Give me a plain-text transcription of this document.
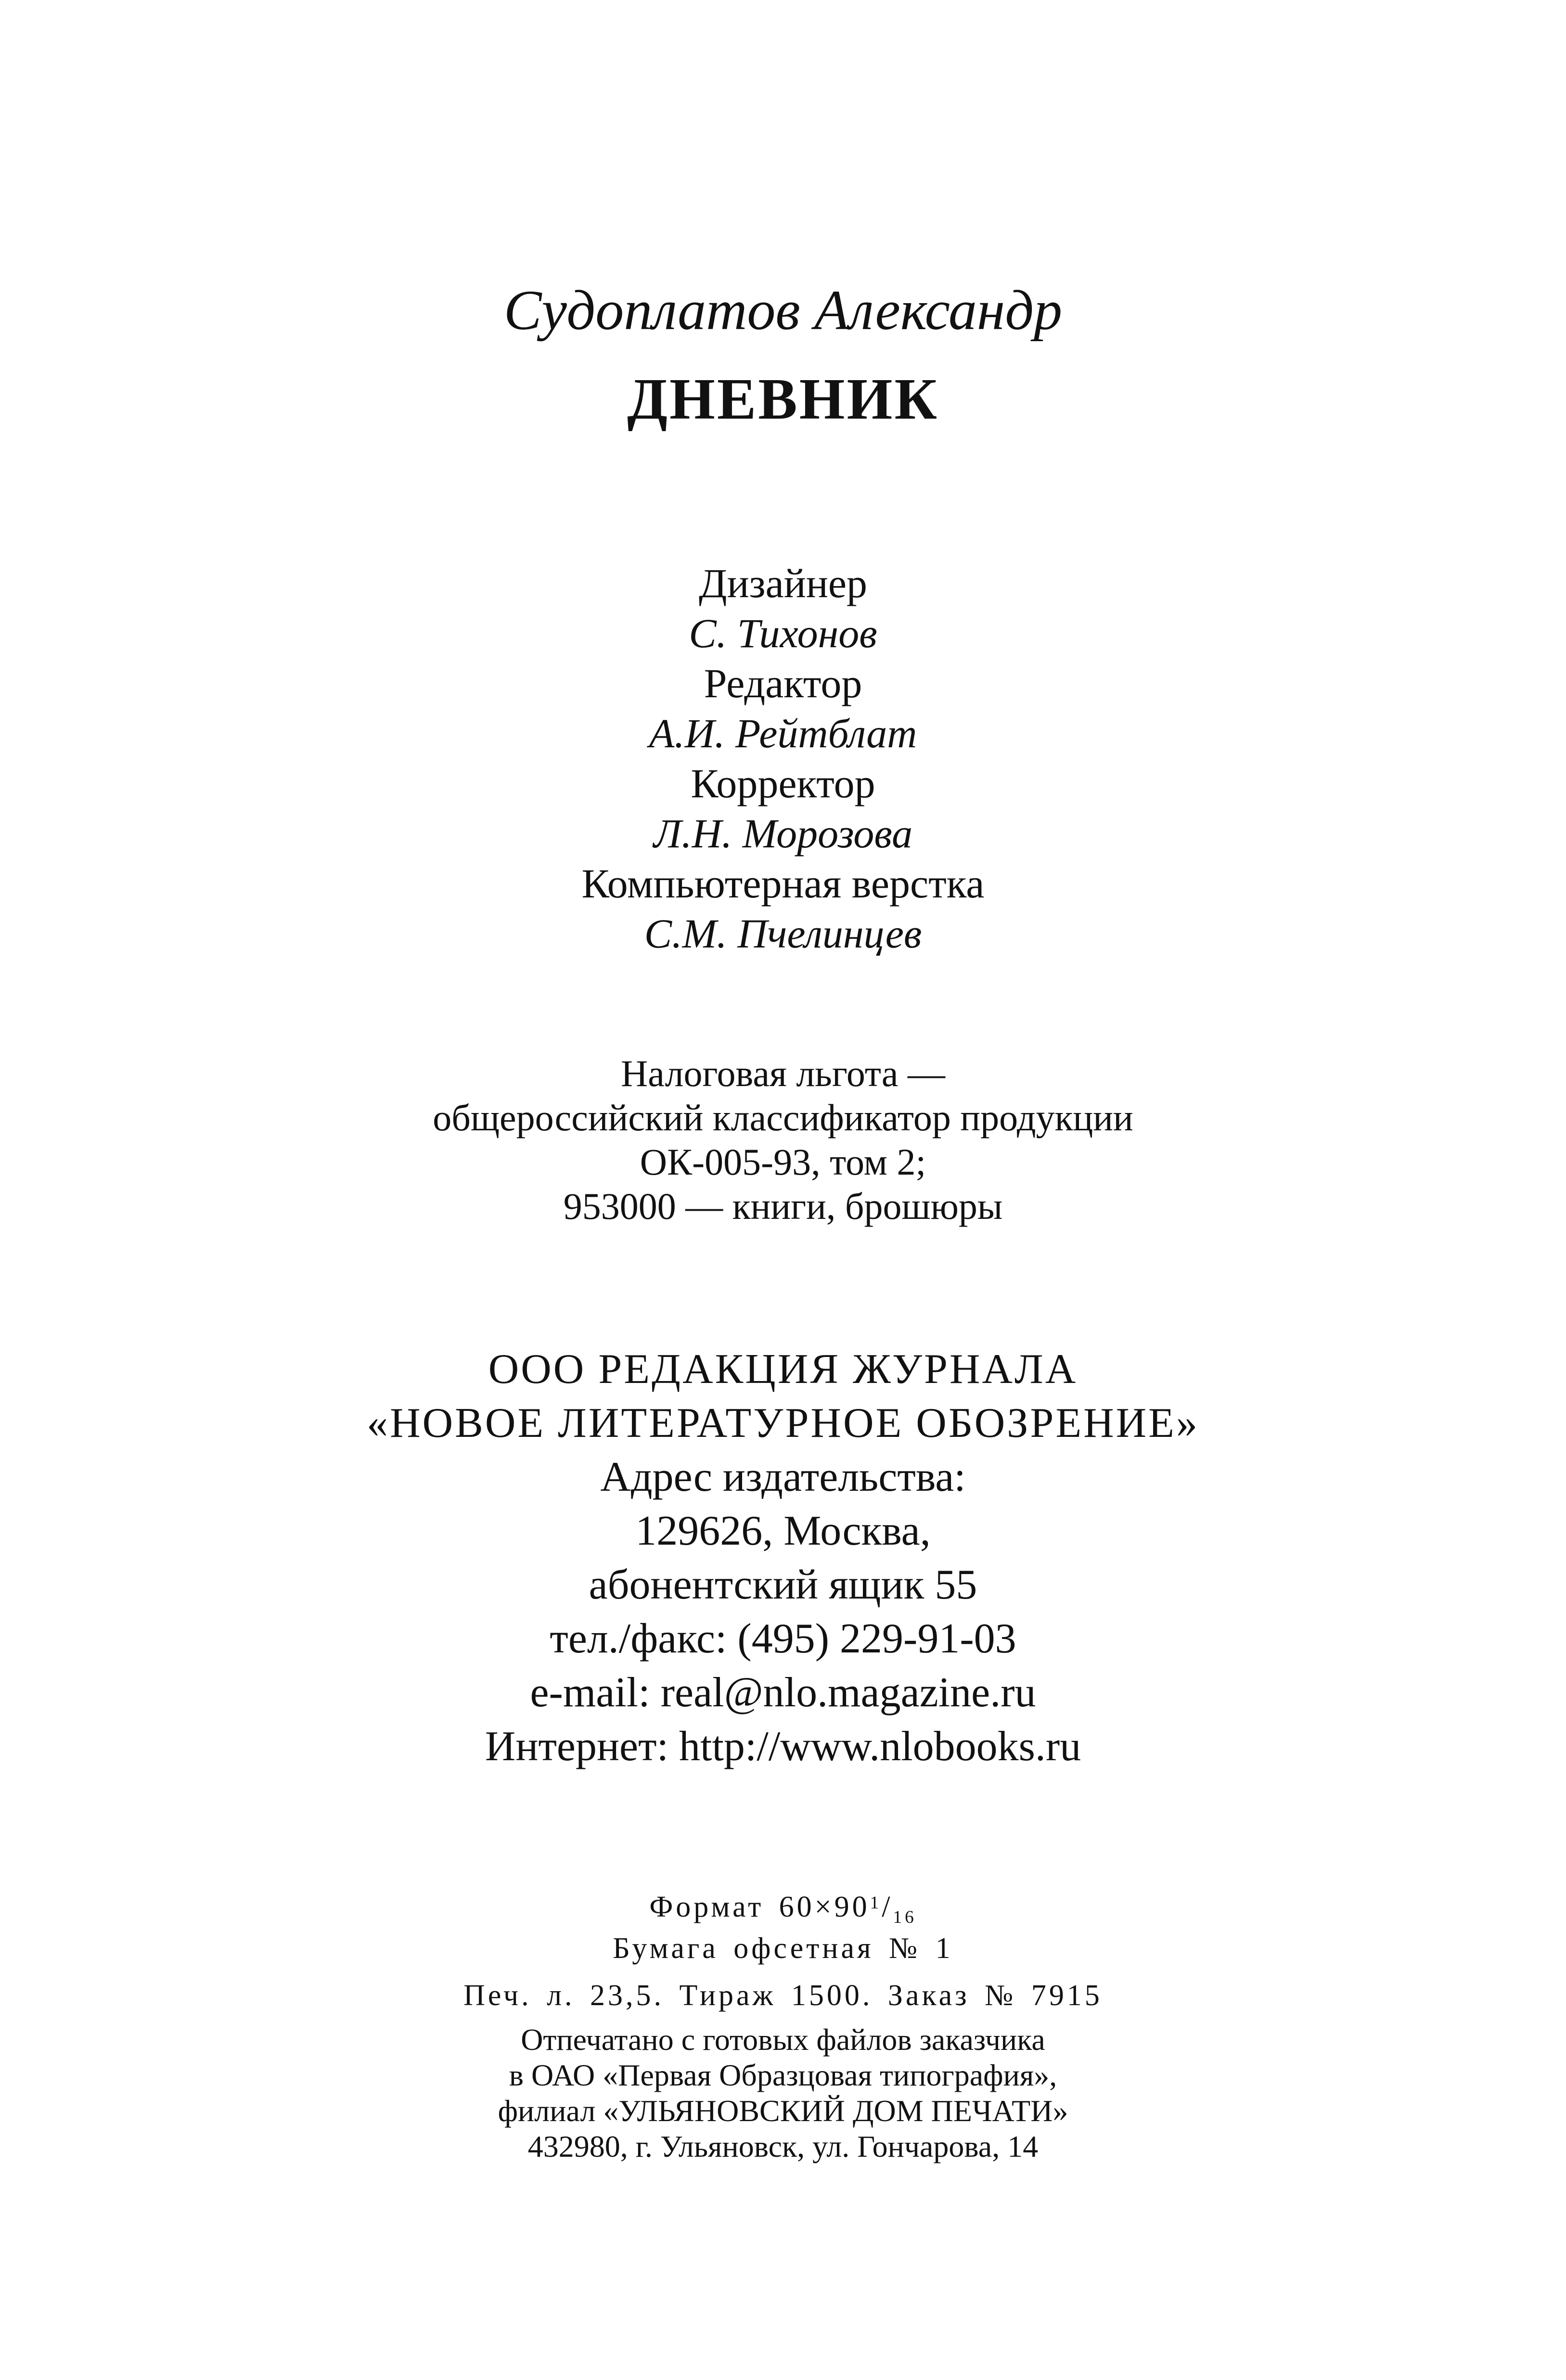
Судоплатов Александр
ДНЕВНИК
Дизайнер
С. Тихонов
Редактор
А.И. Рейтблат
Корректор
Л.Н. Морозова
Компьютерная верстка
С.М. Пчелинцев
Налоговая льгота —
общероссийский классификатор продукции
ОК-005-93, том 2;
953000 — книги, брошюры
ООО РЕДАКЦИЯ ЖУРНАЛА
«НОВОЕ ЛИТЕРАТУРНОЕ ОБОЗРЕНИЕ»
Адрес издательства:
129626, Москва,
абонентский ящик 55
тел./факс: (495) 229-91-03
e-mail: real@nlo.magazine.ru
Интернет: http://www.nlobooks.ru
Формат $60\times 90^1/_{16}$
Бумага офсетная № 1
Печ. л. 23,5. Тираж 1500. Заказ № 7915
Отпечатано с готовых файлов заказчика
в ОАО «Первая Образцовая типография»,
филиал «УЛЬЯНОВСКИЙ ДОМ ПЕЧАТИ»
432980, г. Ульяновск, ул. Гончарова, 14
